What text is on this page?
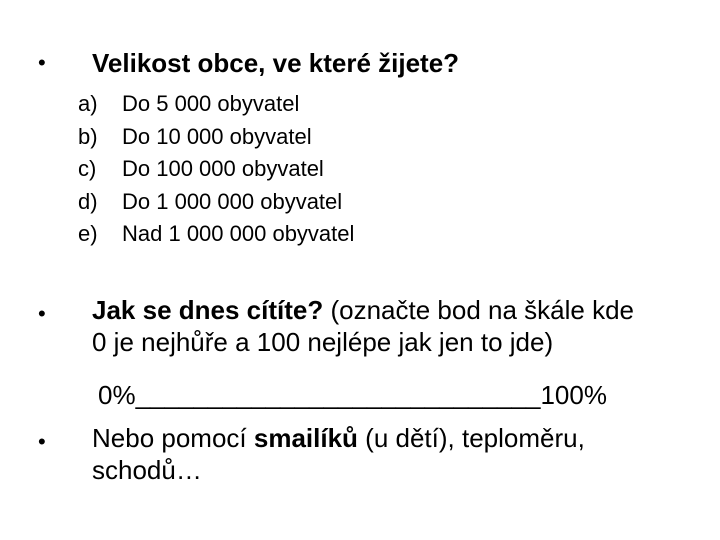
• Velikost obce, ve které žijete?
a)	Do 5 000 obyvatel
b)	Do 10 000 obyvatel
c)	Do 100 000 obyvatel
d)	Do 1 000 000 obyvatel
e)	Nad 1 000 000 obyvatel
• Jak se dnes cítíte? (označte bod na škále kde
0 je nejhůře a 100 nejlépe jak jen to jde)
0%____________________________100%
• Nebo pomocí smailíků (u dětí), teploměru,
schodů…
